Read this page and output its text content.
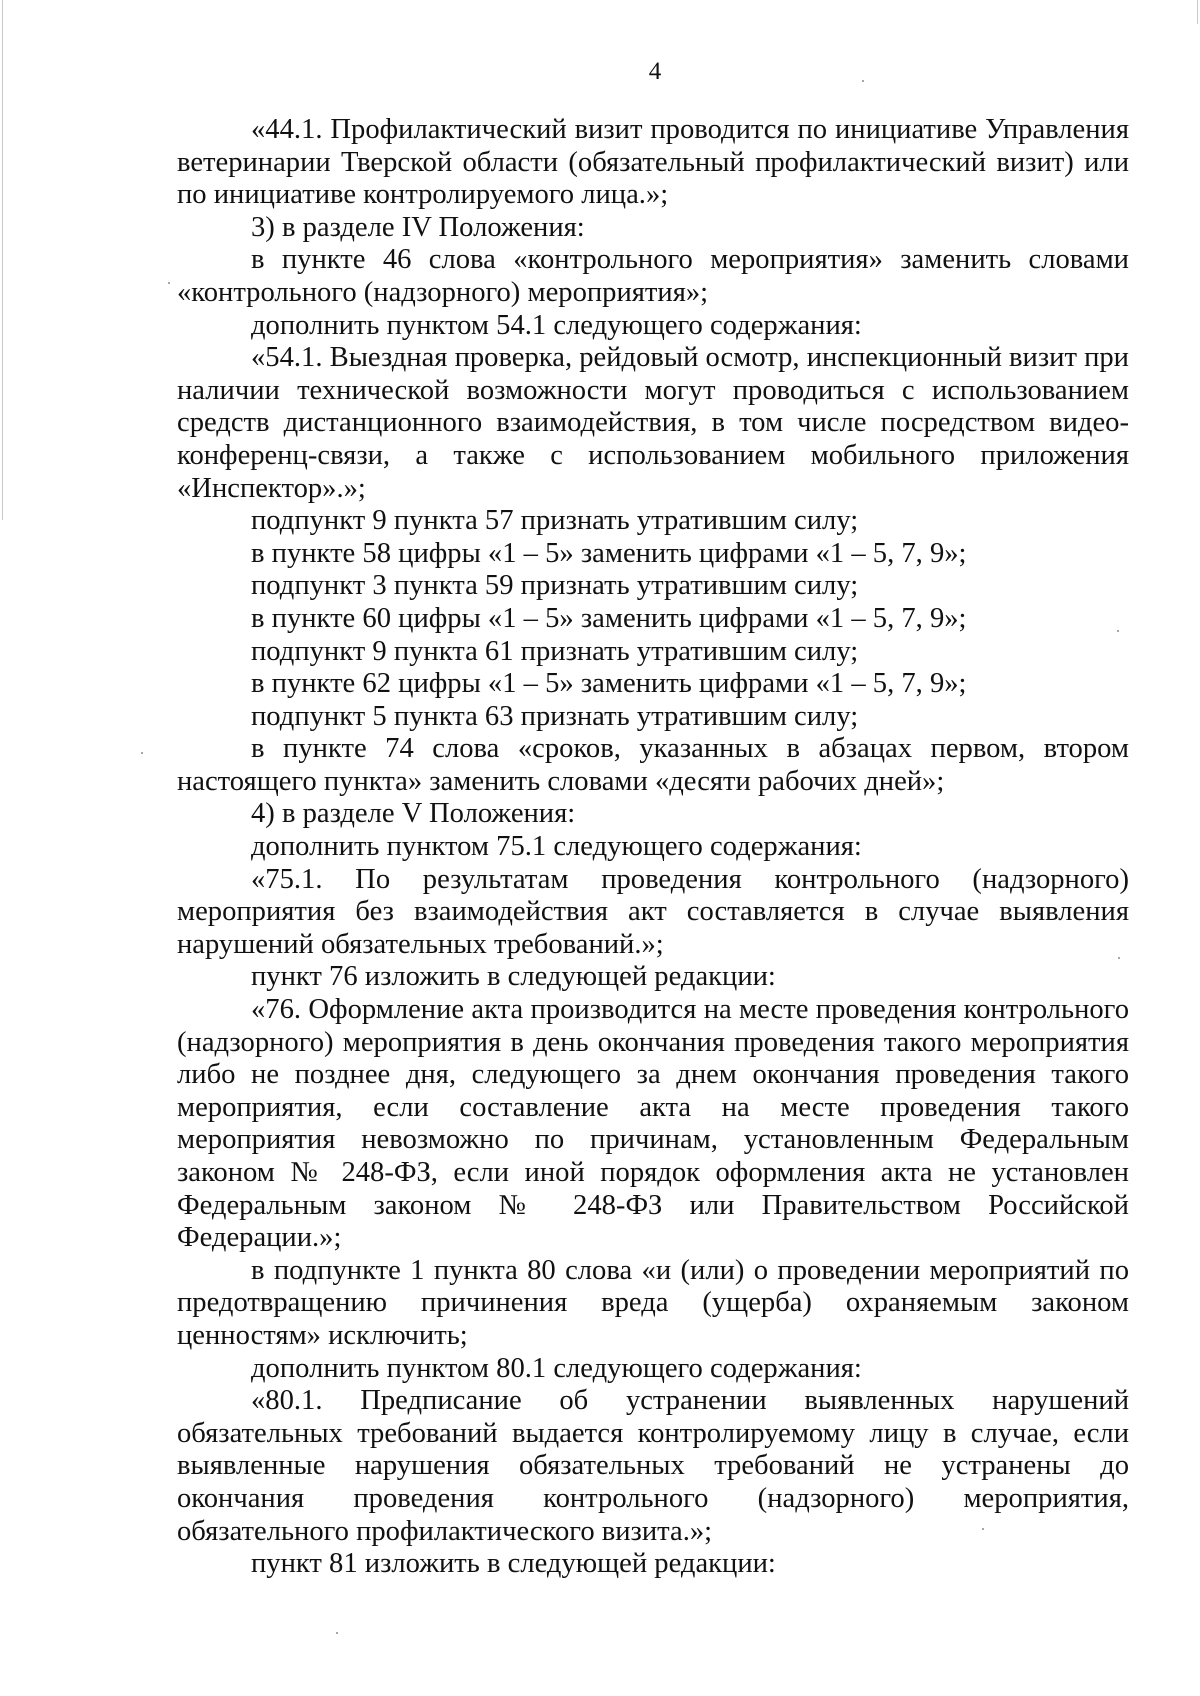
4

«44.1. Профилактический визит проводится по инициативе Управления ветеринарии Тверской области (обязательный профилактический визит) или по инициативе контролируемого лица.»;

3) в разделе IV Положения:

в пункте 46 слова «контрольного мероприятия» заменить словами «контрольного (надзорного) мероприятия»;

дополнить пунктом 54.1 следующего содержания:

«54.1. Выездная проверка, рейдовый осмотр, инспекционный визит при наличии технической возможности могут проводиться с использованием средств дистанционного взаимодействия, в том числе посредством видео-конференц-связи, а также с использованием мобильного приложения «Инспектор».»;

подпункт 9 пункта 57 признать утратившим силу;

в пункте 58 цифры «1 – 5» заменить цифрами «1 – 5, 7, 9»;

подпункт 3 пункта 59 признать утратившим силу;

в пункте 60 цифры «1 – 5» заменить цифрами «1 – 5, 7, 9»;

подпункт 9 пункта 61 признать утратившим силу;

в пункте 62 цифры «1 – 5» заменить цифрами «1 – 5, 7, 9»;

подпункт 5 пункта 63 признать утратившим силу;

в пункте 74 слова «сроков, указанных в абзацах первом, втором настоящего пункта» заменить словами «десяти рабочих дней»;

4) в разделе V Положения:

дополнить пунктом 75.1 следующего содержания:

«75.1. По результатам проведения контрольного (надзорного) мероприятия без взаимодействия акт составляется в случае выявления нарушений обязательных требований.»;

пункт 76 изложить в следующей редакции:

«76. Оформление акта производится на месте проведения контрольного (надзорного) мероприятия в день окончания проведения такого мероприятия либо не позднее дня, следующего за днем окончания проведения такого мероприятия, если составление акта на месте проведения такого мероприятия невозможно по причинам, установленным Федеральным законом № 248-ФЗ, если иной порядок оформления акта не установлен Федеральным законом № 248-ФЗ или Правительством Российской Федерации.»;

в подпункте 1 пункта 80 слова «и (или) о проведении мероприятий по предотвращению причинения вреда (ущерба) охраняемым законом ценностям» исключить;

дополнить пунктом 80.1 следующего содержания:

«80.1. Предписание об устранении выявленных нарушений обязательных требований выдается контролируемому лицу в случае, если выявленные нарушения обязательных требований не устранены до окончания проведения контрольного (надзорного) мероприятия, обязательного профилактического визита.»;

пункт 81 изложить в следующей редакции:
